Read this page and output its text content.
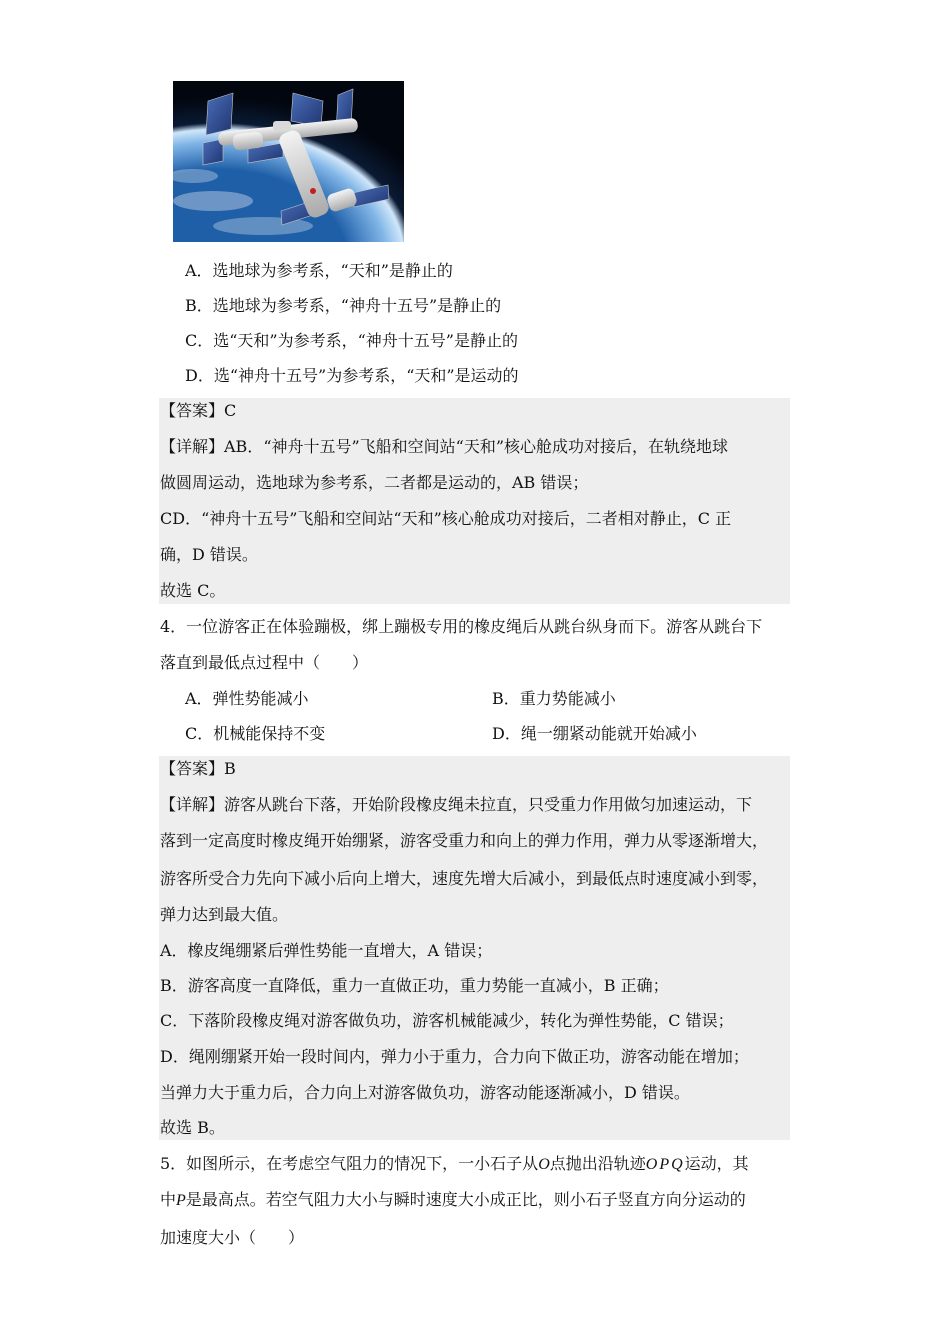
A．选地球为参考系，“天和”是静止的
B．选地球为参考系，“神舟十五号”是静止的
C．选“天和”为参考系，“神舟十五号”是静止的
D．选“神舟十五号”为参考系，“天和”是运动的
【答案】C
【详解】AB．“神舟十五号”飞船和空间站“天和”核心舱成功对接后，在轨绕地球
做圆周运动，选地球为参考系，二者都是运动的，AB 错误；
CD．“神舟十五号”飞船和空间站“天和”核心舱成功对接后，二者相对静止，C 正
确，D 错误。
故选 C。
4．一位游客正在体验蹦极，绑上蹦极专用的橡皮绳后从跳台纵身而下。游客从跳台下
落直到最低点过程中（　　）
A．弹性势能减小	B．重力势能减小
C．机械能保持不变	D．绳一绷紧动能就开始减小
【答案】B
【详解】游客从跳台下落，开始阶段橡皮绳未拉直，只受重力作用做匀加速运动，下
落到一定高度时橡皮绳开始绷紧，游客受重力和向上的弹力作用，弹力从零逐渐增大，
游客所受合力先向下减小后向上增大，速度先增大后减小，到最低点时速度减小到零，
弹力达到最大值。
A．橡皮绳绷紧后弹性势能一直增大，A 错误；
B．游客高度一直降低，重力一直做正功，重力势能一直减小，B 正确；
C．下落阶段橡皮绳对游客做负功，游客机械能减少，转化为弹性势能，C 错误；
D．绳刚绷紧开始一段时间内，弹力小于重力，合力向下做正功，游客动能在增加；
当弹力大于重力后，合力向上对游客做负功，游客动能逐渐减小，D 错误。
故选 B。
5．如图所示，在考虑空气阻力的情况下，一小石子从O点抛出沿轨迹OPQ运动，其
中P是最高点。若空气阻力大小与瞬时速度大小成正比，则小石子竖直方向分运动的
加速度大小（　　）
